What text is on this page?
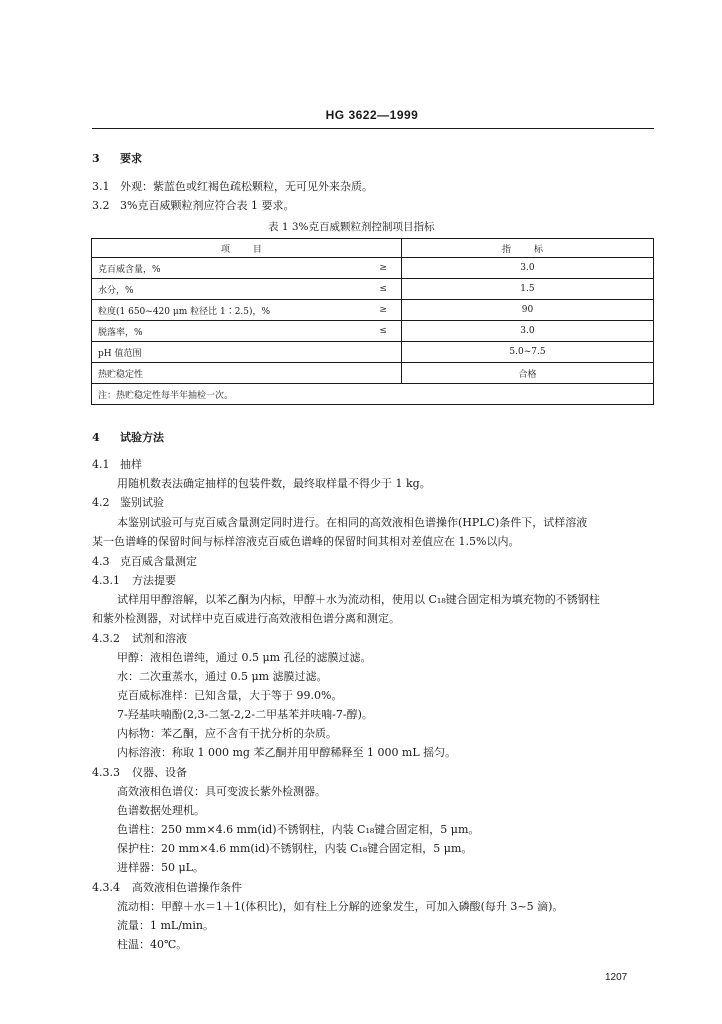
HG 3622—1999
3 要求
3.1 外观：紫蓝色或红褐色疏松颗粒，无可见外来杂质。
3.2 3%克百威颗粒剂应符合表 1 要求。
表 1 3%克百威颗粒剂控制项目指标
项 目		指 标
克百威含量，%	≥	3.0
水分，%	≤	1.5
粒度(1 650~420 μm 粒径比 1∶2.5)，%	≥	90
脱落率，%	≤	3.0
pH 值范围		5.0~7.5
热贮稳定性		合格
注：热贮稳定性每半年抽检一次。		
4 试验方法
4.1 抽样
用随机数表法确定抽样的包装件数，最终取样量不得少于 1 kg。
4.2 鉴别试验
本鉴别试验可与克百威含量测定同时进行。在相同的高效液相色谱操作(HPLC)条件下，试样溶液
某一色谱峰的保留时间与标样溶液克百威色谱峰的保留时间其相对差值应在 1.5%以内。
4.3 克百威含量测定
4.3.1 方法提要
试样用甲醇溶解，以苯乙酮为内标，甲醇＋水为流动相，使用以 C₁₈键合固定相为填充物的不锈钢柱
和紫外检测器，对试样中克百威进行高效液相色谱分离和测定。
4.3.2 试剂和溶液
甲醇：液相色谱纯，通过 0.5 μm 孔径的滤膜过滤。
水：二次重蒸水，通过 0.5 μm 滤膜过滤。
克百威标准样：已知含量，大于等于 99.0%。
7-羟基呋喃酚(2,3-二氢-2,2-二甲基苯并呋喃-7-醇)。
内标物：苯乙酮，应不含有干扰分析的杂质。
内标溶液：称取 1 000 mg 苯乙酮并用甲醇稀释至 1 000 mL 摇匀。
4.3.3 仪器、设备
高效液相色谱仪：具可变波长紫外检测器。
色谱数据处理机。
色谱柱：250 mm×4.6 mm(id)不锈钢柱，内装 C₁₈键合固定相，5 μm。
保护柱：20 mm×4.6 mm(id)不锈钢柱，内装 C₁₈键合固定相，5 μm。
进样器：50 μL。
4.3.4 高效液相色谱操作条件
流动相：甲醇＋水＝1＋1(体积比)，如有柱上分解的迹象发生，可加入磷酸(每升 3~5 滴)。
流量：1 mL/min。
柱温：40℃。
1207
